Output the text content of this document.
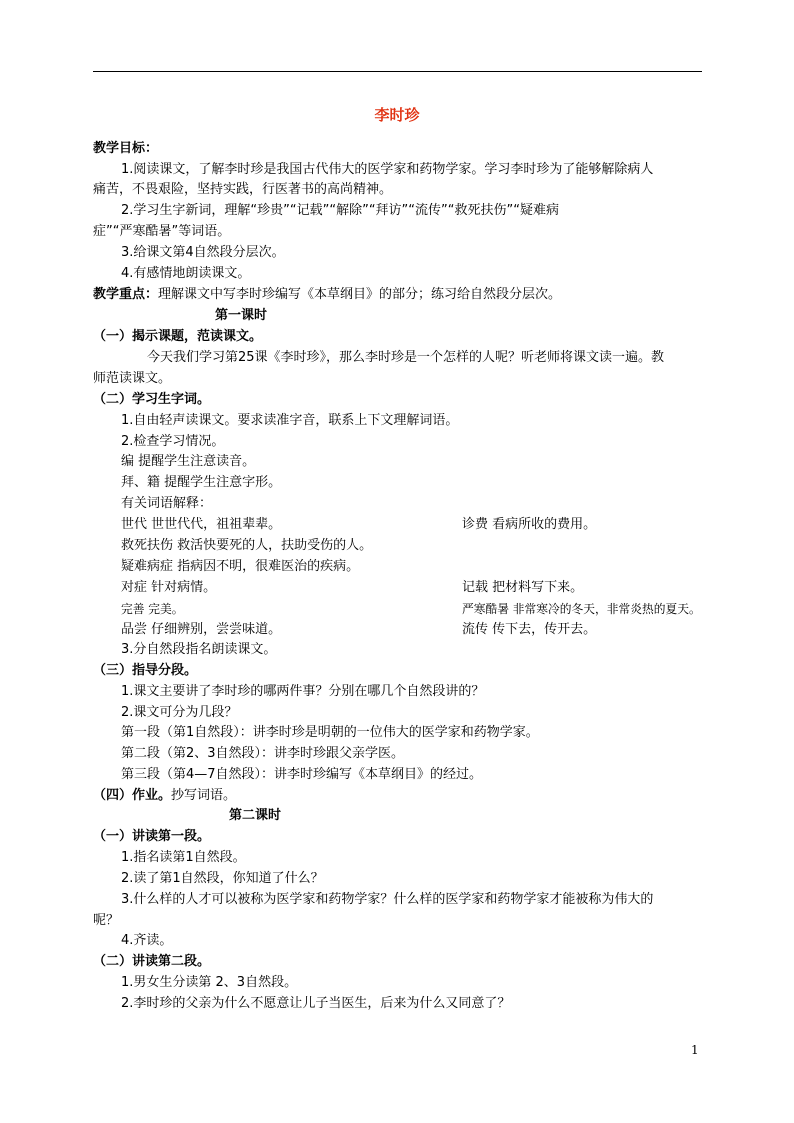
李时珍
教学目标：
1.阅读课文，了解李时珍是我国古代伟大的医学家和药物学家。学习李时珍为了能够解除病人
痛苦，不畏艰险，坚持实践，行医著书的高尚精神。
2.学习生字新词，理解“珍贵”“记载”“解除”“拜访”“流传”“救死扶伤”“疑难病
症”“严寒酷暑”等词语。
3.给课文第4自然段分层次。
4.有感情地朗读课文。
教学重点：理解课文中写李时珍编写《本草纲目》的部分；练习给自然段分层次。
第一课时
（一）揭示课题，范读课文。
今天我们学习第25课《李时珍》，那么李时珍是一个怎样的人呢？听老师将课文读一遍。教
师范读课文。
（二）学习生字词。
1.自由轻声读课文。要求读准字音，联系上下文理解词语。
2.检查学习情况。
编 提醒学生注意读音。
拜、籍 提醒学生注意字形。
有关词语解释：
世代 世世代代，祖祖辈辈。	诊费 看病所收的费用。
救死扶伤 救活快要死的人，扶助受伤的人。
疑难病症 指病因不明，很难医治的疾病。
对症 针对病情。	记载 把材料写下来。
完善 完美。	严寒酷暑 非常寒冷的冬天，非常炎热的夏天。
品尝 仔细辨别，尝尝味道。	流传 传下去，传开去。
3.分自然段指名朗读课文。
（三）指导分段。
1.课文主要讲了李时珍的哪两件事？分别在哪几个自然段讲的？
2.课文可分为几段？
第一段（第1自然段）：讲李时珍是明朝的一位伟大的医学家和药物学家。
第二段（第2、3自然段）：讲李时珍跟父亲学医。
第三段（第4—7自然段）：讲李时珍编写《本草纲目》的经过。
（四）作业。抄写词语。
第二课时
（一）讲读第一段。
1.指名读第1自然段。
2.读了第1自然段，你知道了什么？
3.什么样的人才可以被称为医学家和药物学家？什么样的医学家和药物学家才能被称为伟大的
呢？
4.齐读。
（二）讲读第二段。
1.男女生分读第 2、3自然段。
2.李时珍的父亲为什么不愿意让儿子当医生，后来为什么又同意了？
1
